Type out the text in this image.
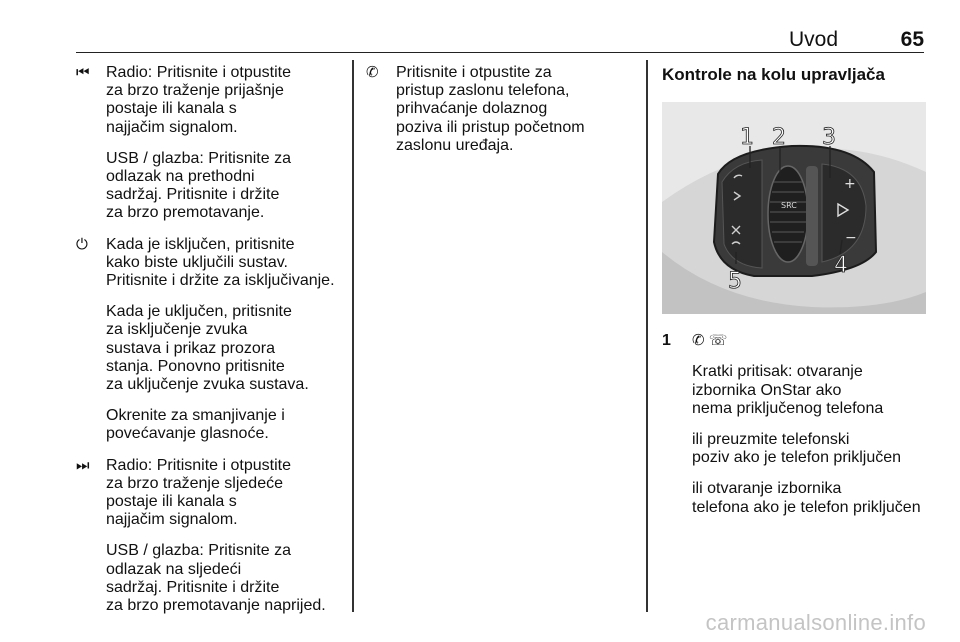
Uvod	65
⏮	Radio: Pritisnite i otpustite
za brzo traženje prijašnje
postaje ili kanala s
najjačim signalom.
USB / glazba: Pritisnite za
odlazak na prethodni
sadržaj. Pritisnite i držite
za brzo premotavanje.
⏻	Kada je isključen, pritisnite
kako biste uključili sustav.
Pritisnite i držite za isključivanje.
Kada je uključen, pritisnite
za isključenje zvuka
sustava i prikaz prozora
stanja. Ponovno pritisnite
za uključenje zvuka sustava.
Okrenite za smanjivanje i
povećavanje glasnoće.
⏭	Radio: Pritisnite i otpustite
za brzo traženje sljedeće
postaje ili kanala s
najjačim signalom.
USB / glazba: Pritisnite za
odlazak na sljedeći
sadržaj. Pritisnite i držite
za brzo premotavanje naprijed.
✆	Pritisnite i otpustite za
pristup zaslonu telefona,
prihvaćanje dolaznog
poziva ili pristup početnom
zaslonu uređaja.
Kontrole na kolu upravljača
SRC
+
−
1 2 3
4
5
1 ✆ ☏
Kratki pritisak: otvaranje
izbornika OnStar ako
nema priključenog telefona
ili preuzmite telefonski
poziv ako je telefon priključen
ili otvaranje izbornika
telefona ako je telefon priključen
carmanualsonline.info
